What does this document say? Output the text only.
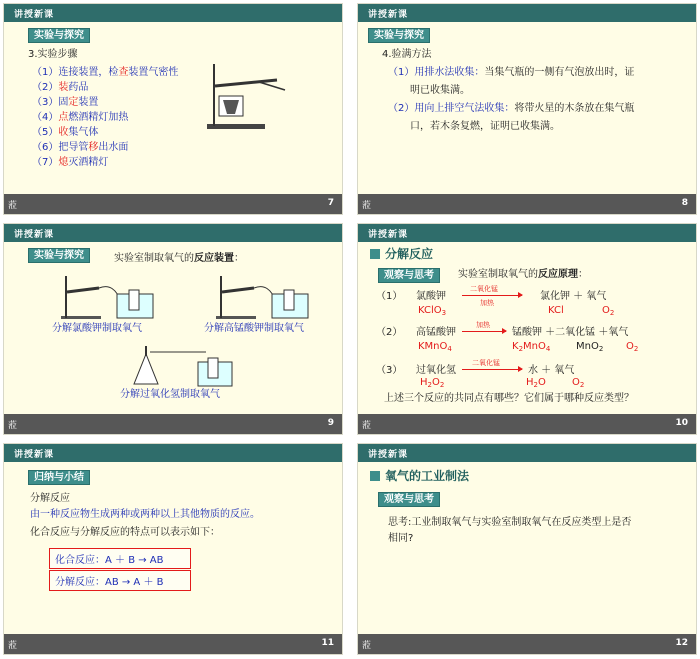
讲授新课
实验与探究
3.实验步骤
（1）连接装置，检查装置气密性
（2）装药品
（3）固定装置
（4）点燃酒精灯加热
（5）收集气体
（6）把导管移出水面
（7）熄灭酒精灯
蒞	7
讲授新课
实验与探究
4.验满方法
（1）用排水法收集：当集气瓶的一侧有气泡放出时，证
明已收集满。
（2）用向上排空气法收集：将带火星的木条放在集气瓶
口，若木条复燃，证明已收集满。
蒞	8
讲授新课
实验与探究	实验室制取氧气的反应装置：
分解氯酸钾制取氧气	分解高锰酸钾制取氧气
分解过氧化氢制取氧气
蒞	9
讲授新课
分解反应
观察与思考	实验室制取氧气的反应原理：
（1） 氯酸钾
二氧化锰
加热
氯化钾 ＋ 氧气
KClO$_3$	KCl	$O_2$
（2） 高锰酸钾
加热
→ 锰酸钾 ＋二氧化锰 ＋氧气
KMnO$_4$	$K_2MnO_4$	MnO$_2$ $O_2$
（3） 过氧化氢
二氧化锰
→ 水 ＋ 氧气
$H_2O_2$	$H_2O$	$O_2$
上述三个反应的共同点有哪些？它们属于哪种反应类型？
蒞	10
讲授新课
归纳与小结
分解反应
由一种反应物生成两种或两种以上其他物质的反应。
化合反应与分解反应的特点可以表示如下：
化合反应：A ＋ B → AB
分解反应：AB → A ＋ B
蒞	11
讲授新课
氧气的工业制法
观察与思考
思考:工业制取氧气与实验室制取氧气在反应类型上是否
相同?
蒞	12
